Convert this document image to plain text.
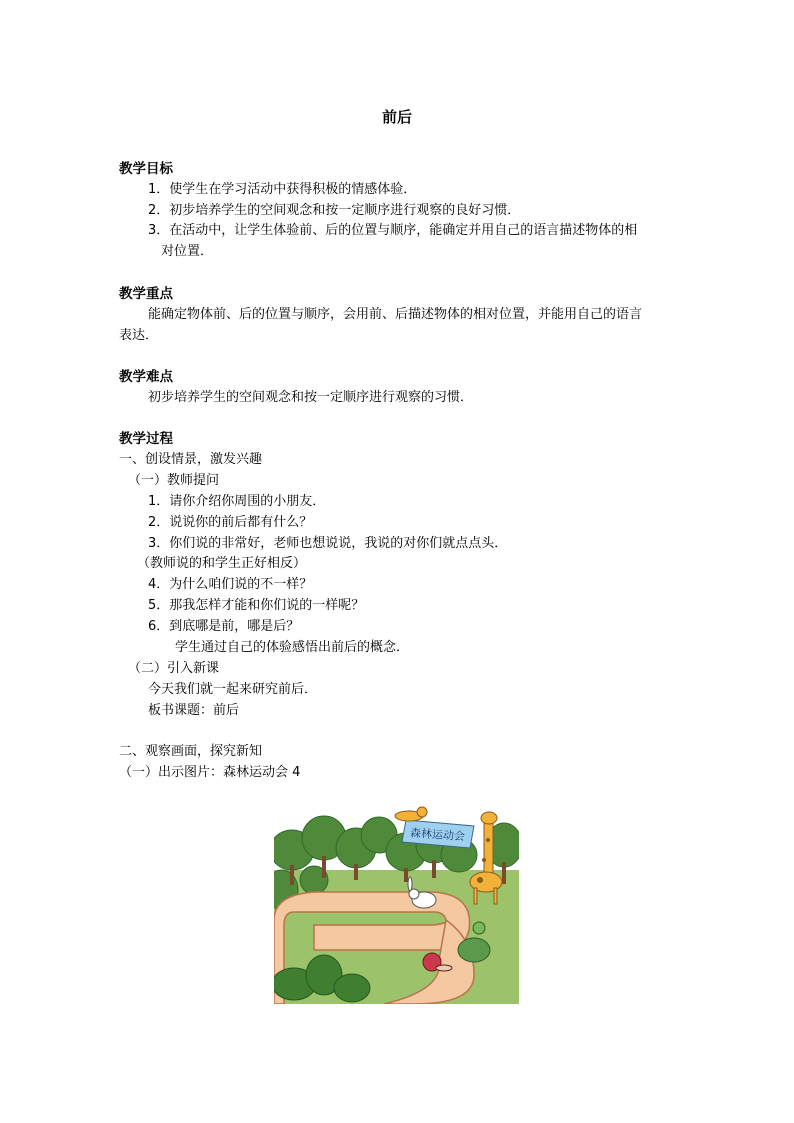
前后
教学目标
1．使学生在学习活动中获得积极的情感体验．
2．初步培养学生的空间观念和按一定顺序进行观察的良好习惯．
3．在活动中，让学生体验前、后的位置与顺序，能确定并用自己的语言描述物体的相
对位置．
教学重点
能确定物体前、后的位置与顺序，会用前、后描述物体的相对位置，并能用自己的语言
表达．
教学难点
初步培养学生的空间观念和按一定顺序进行观察的习惯．
教学过程
一、创设情景，激发兴趣
（一）教师提问
1．请你介绍你周围的小朋友．
2．说说你的前后都有什么？
3．你们说的非常好，老师也想说说，我说的对你们就点点头．
（教师说的和学生正好相反）
4．为什么咱们说的不一样？
5．那我怎样才能和你们说的一样呢？
6．到底哪是前，哪是后？
学生通过自己的体验感悟出前后的概念．
（二）引入新课
今天我们就一起来研究前后．
板书课题：前后
二、观察画面，探究新知
（一）出示图片：森林运动会 4
森林运动会
